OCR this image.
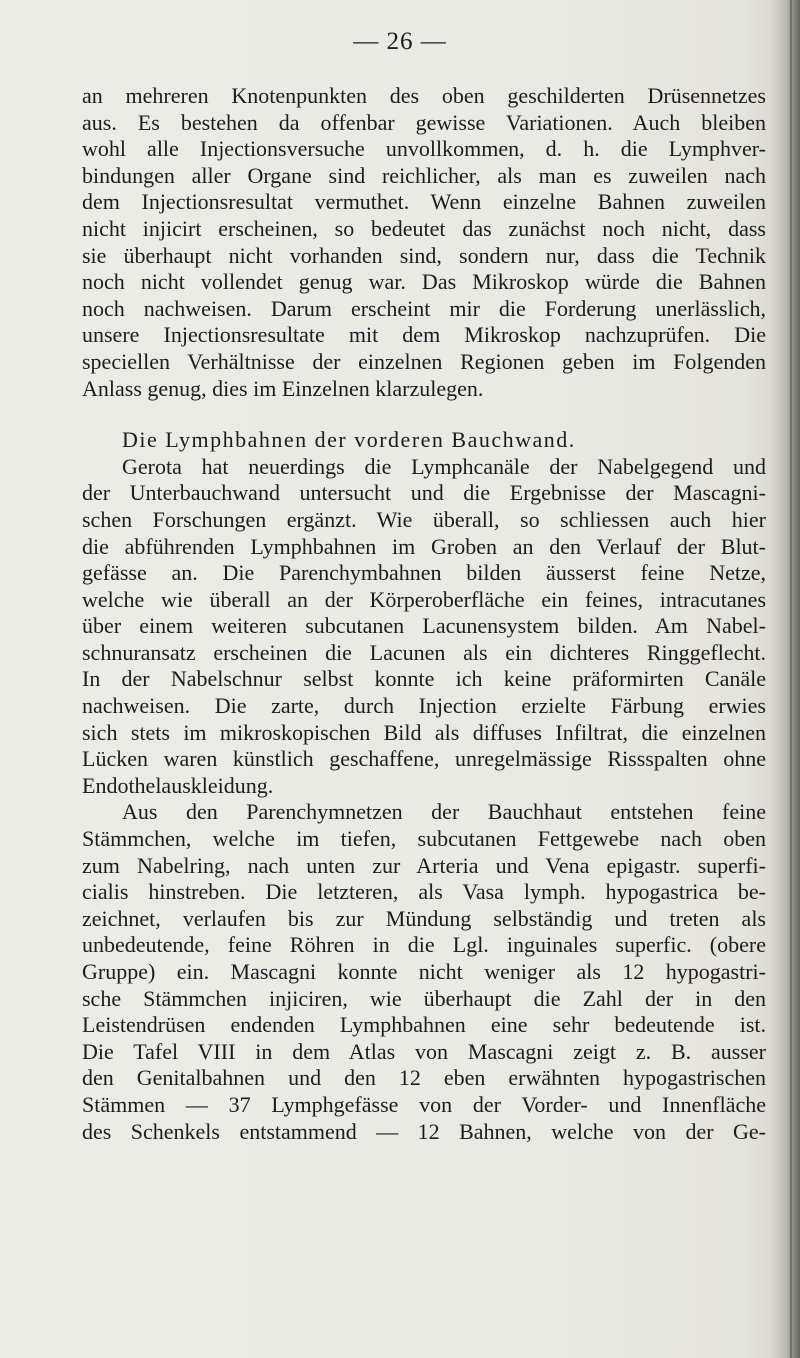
— 26 —
an mehreren Knotenpunkten des oben geschilderten Drüsennetzes
aus. Es bestehen da offenbar gewisse Variationen. Auch bleiben
wohl alle Injectionsversuche unvollkommen, d. h. die Lymphver-
bindungen aller Organe sind reichlicher, als man es zuweilen nach
dem Injectionsresultat vermuthet. Wenn einzelne Bahnen zuweilen
nicht injicirt erscheinen, so bedeutet das zunächst noch nicht, dass
sie überhaupt nicht vorhanden sind, sondern nur, dass die Technik
noch nicht vollendet genug war. Das Mikroskop würde die Bahnen
noch nachweisen. Darum erscheint mir die Forderung unerlässlich,
unsere Injectionsresultate mit dem Mikroskop nachzuprüfen. Die
speciellen Verhältnisse der einzelnen Regionen geben im Folgenden
Anlass genug, dies im Einzelnen klarzulegen.
Die Lymphbahnen der vorderen Bauchwand.
Gerota hat neuerdings die Lymphcanäle der Nabelgegend und
der Unterbauchwand untersucht und die Ergebnisse der Mascagni-
schen Forschungen ergänzt. Wie überall, so schliessen auch hier
die abführenden Lymphbahnen im Groben an den Verlauf der Blut-
gefässe an. Die Parenchymbahnen bilden äusserst feine Netze,
welche wie überall an der Körperoberfläche ein feines, intracutanes
über einem weiteren subcutanen Lacunensystem bilden. Am Nabel-
schnuransatz erscheinen die Lacunen als ein dichteres Ringgeflecht.
In der Nabelschnur selbst konnte ich keine präformirten Canäle
nachweisen. Die zarte, durch Injection erzielte Färbung erwies
sich stets im mikroskopischen Bild als diffuses Infiltrat, die einzelnen
Lücken waren künstlich geschaffene, unregelmässige Rissspalten ohne
Endothelauskleidung.
Aus den Parenchymnetzen der Bauchhaut entstehen feine
Stämmchen, welche im tiefen, subcutanen Fettgewebe nach oben
zum Nabelring, nach unten zur Arteria und Vena epigastr. superfi-
cialis hinstreben. Die letzteren, als Vasa lymph. hypogastrica be-
zeichnet, verlaufen bis zur Mündung selbständig und treten als
unbedeutende, feine Röhren in die Lgl. inguinales superfic. (obere
Gruppe) ein. Mascagni konnte nicht weniger als 12 hypogastri-
sche Stämmchen injiciren, wie überhaupt die Zahl der in den
Leistendrüsen endenden Lymphbahnen eine sehr bedeutende ist.
Die Tafel VIII in dem Atlas von Mascagni zeigt z. B. ausser
den Genitalbahnen und den 12 eben erwähnten hypogastrischen
Stämmen — 37 Lymphgefässe von der Vorder- und Innenfläche
des Schenkels entstammend — 12 Bahnen, welche von der Ge-
